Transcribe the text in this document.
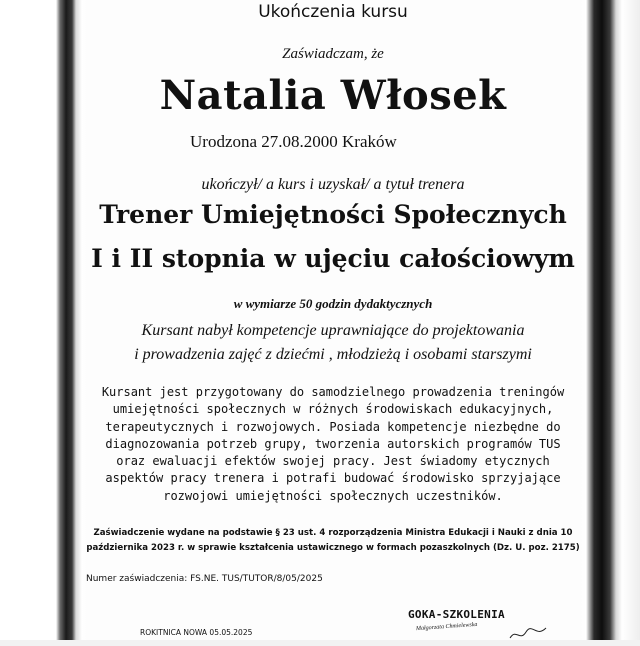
Ukończenia kursu
Zaświadczam, że
Natalia Włosek
Urodzona 27.08.2000 Kraków
ukończył/ a kurs i uzyskał/ a tytuł trenera
Trener Umiejętności Społecznych
I i II stopnia w ujęciu całościowym
w wymiarze 50 godzin dydaktycznych
Kursant nabył kompetencje uprawniające do projektowania
i prowadzenia zajęć z dziećmi , młodzieżą i osobami starszymi
Kursant jest przygotowany do samodzielnego prowadzenia treningów
umiejętności społecznych w różnych środowiskach edukacyjnych,
terapeutycznych i rozwojowych. Posiada kompetencje niezbędne do
diagnozowania potrzeb grupy, tworzenia autorskich programów TUS
oraz ewaluacji efektów swojej pracy. Jest świadomy etycznych
aspektów pracy trenera i potrafi budować środowisko sprzyjające
rozwojowi umiejętności społecznych uczestników.
Zaświadczenie wydane na podstawie § 23 ust. 4 rozporządzenia Ministra Edukacji i Nauki z dnia 10
października 2023 r. w sprawie kształcenia ustawicznego w formach pozaszkolnych (Dz. U. poz. 2175)
Numer zaświadczenia: FS.NE. TUS/TUTOR/8/05/2025
ROKITNICA NOWA 05.05.2025
GOKA-SZKOLENIA
Małgorzata Chmielewska
